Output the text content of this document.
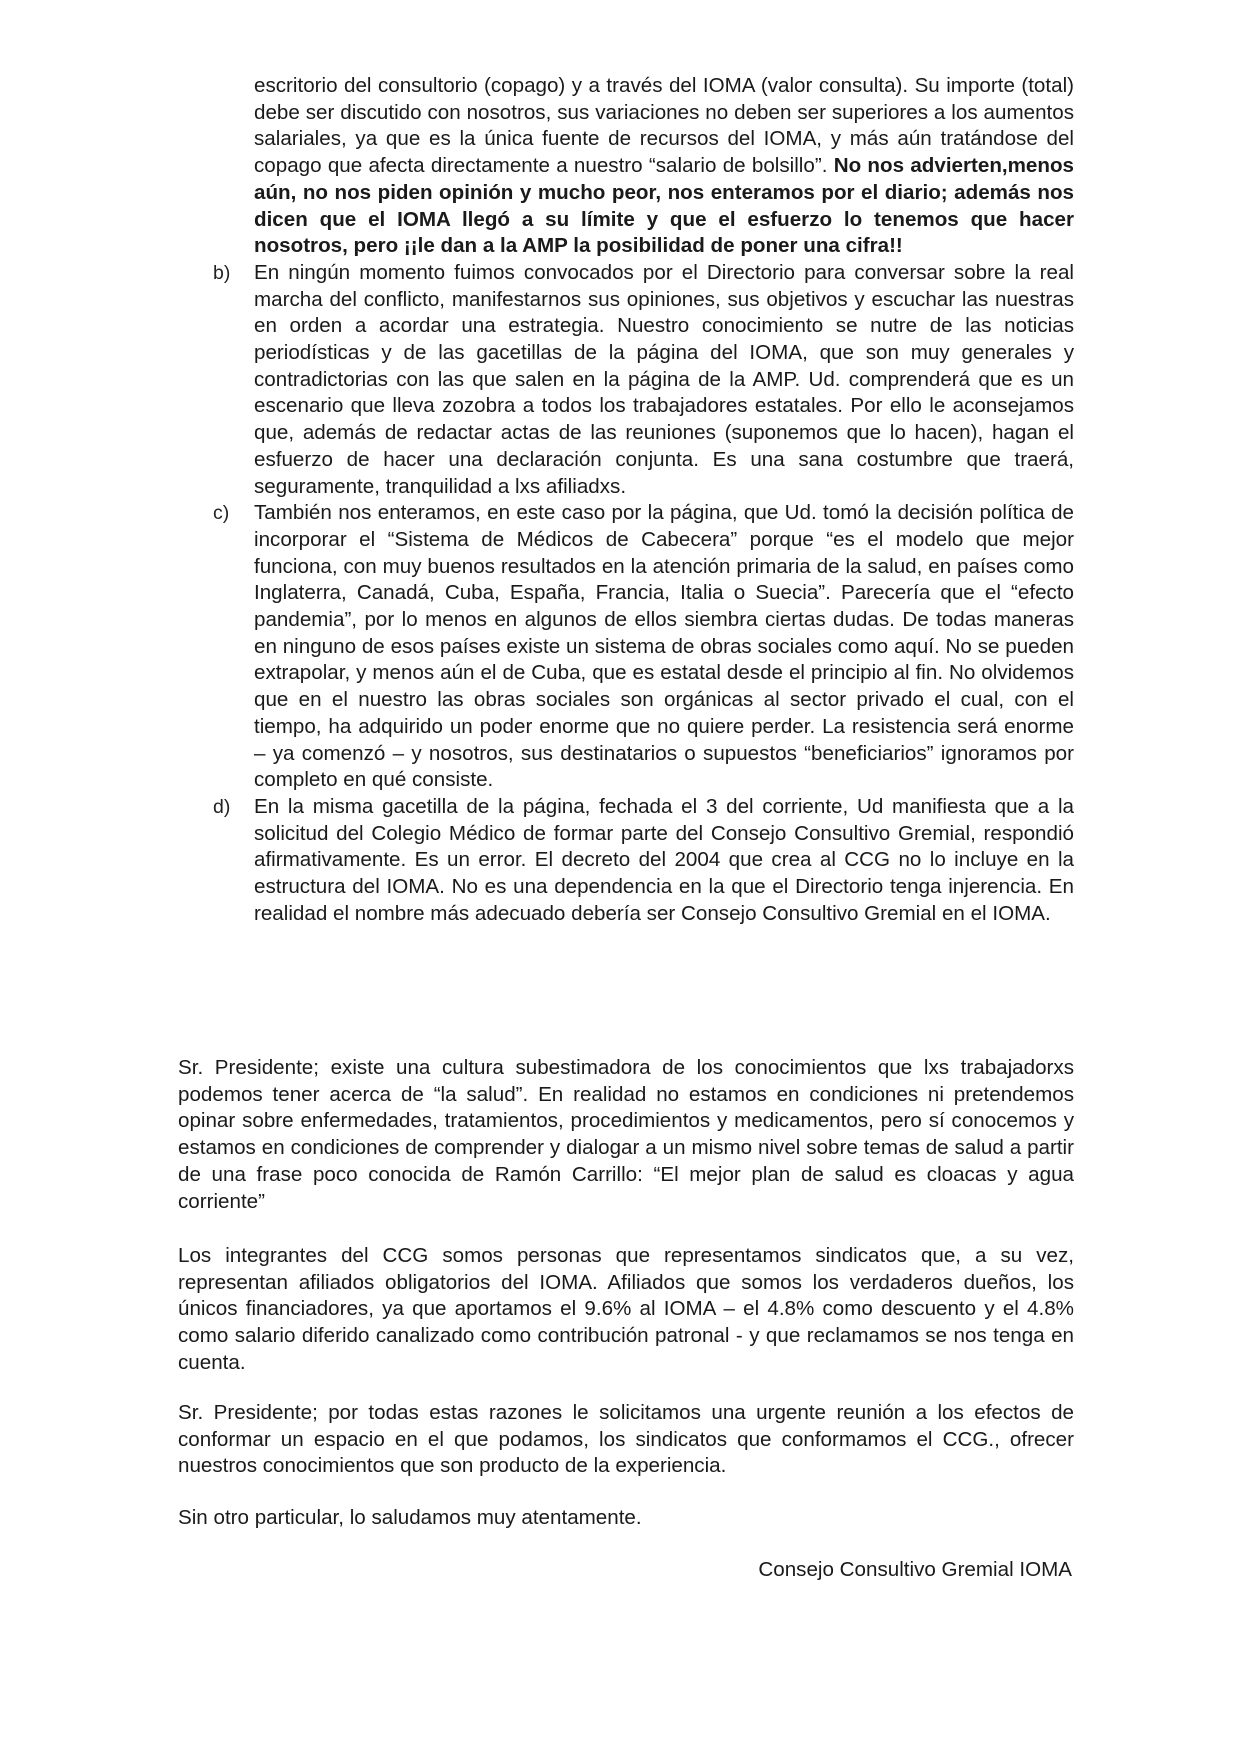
escritorio del consultorio (copago) y a través del IOMA (valor consulta). Su importe (total) debe ser discutido con nosotros, sus variaciones no deben ser superiores a los aumentos salariales, ya que es la única fuente de recursos del IOMA, y más aún tratándose del copago que afecta directamente a nuestro “salario de bolsillo”. No nos advierten,menos aún, no nos piden opinión y mucho peor, nos enteramos por el diario; además nos dicen que el IOMA llegó a su límite y que el esfuerzo lo tenemos que hacer nosotros, pero ¡¡le dan a la AMP la posibilidad de poner una cifra!!
b)	En ningún momento fuimos convocados por el Directorio para conversar sobre la real marcha del conflicto, manifestarnos sus opiniones, sus objetivos y escuchar las nuestras en orden a acordar una estrategia. Nuestro conocimiento se nutre de las noticias periodísticas y de las gacetillas de la página del IOMA, que son muy generales y contradictorias con las que salen en la página de la AMP. Ud. comprenderá que es un escenario que lleva zozobra a todos los trabajadores estatales. Por ello le aconsejamos que, además de redactar actas de las reuniones (suponemos que lo hacen), hagan el esfuerzo de hacer una declaración conjunta. Es una sana costumbre que traerá, seguramente, tranquilidad a lxs afiliadxs.
c)	También nos enteramos, en este caso por la página, que Ud. tomó la decisión política de incorporar el “Sistema de Médicos de Cabecera” porque “es el modelo que mejor funciona, con muy buenos resultados en la atención primaria de la salud, en países como Inglaterra, Canadá, Cuba, España, Francia, Italia o Suecia”. Parecería que el “efecto pandemia”, por lo menos en algunos de ellos siembra ciertas dudas. De todas maneras en ninguno de esos países existe un sistema de obras sociales como aquí. No se pueden extrapolar, y menos aún el de Cuba, que es estatal desde el principio al fin. No olvidemos que en el nuestro las obras sociales son orgánicas al sector privado el cual, con el tiempo, ha adquirido un poder enorme que no quiere perder. La resistencia será enorme – ya comenzó – y nosotros, sus destinatarios o supuestos “beneficiarios” ignoramos por completo en qué consiste.
d)	En la misma gacetilla de la página, fechada el 3 del corriente, Ud manifiesta que a la solicitud del Colegio Médico de formar parte del Consejo Consultivo Gremial, respondió afirmativamente. Es un error. El decreto del 2004 que crea al CCG no lo incluye en la estructura del IOMA. No es una dependencia en la que el Directorio tenga injerencia. En realidad el nombre más adecuado debería ser Consejo Consultivo Gremial en el IOMA.

Sr. Presidente; existe una cultura subestimadora de los conocimientos que lxs trabajadorxs podemos tener acerca de “la salud”. En realidad no estamos en condiciones ni pretendemos opinar sobre enfermedades, tratamientos, procedimientos y medicamentos, pero sí conocemos y estamos en condiciones de comprender y dialogar a un mismo nivel sobre temas de salud a partir de una frase poco conocida de Ramón Carrillo: “El mejor plan de salud es cloacas y agua corriente”

Los integrantes del CCG somos personas que representamos sindicatos que, a su vez, representan afiliados obligatorios del IOMA. Afiliados que somos los verdaderos dueños, los únicos financiadores, ya que aportamos el 9.6% al IOMA – el 4.8% como descuento y el 4.8% como salario diferido canalizado como contribución patronal - y que reclamamos se nos tenga en cuenta.

Sr. Presidente; por todas estas razones le solicitamos una urgente reunión a los efectos de conformar un espacio en el que podamos, los sindicatos que conformamos el CCG., ofrecer nuestros conocimientos que son producto de la experiencia.

Sin otro particular, lo saludamos muy atentamente.

Consejo Consultivo Gremial IOMA
